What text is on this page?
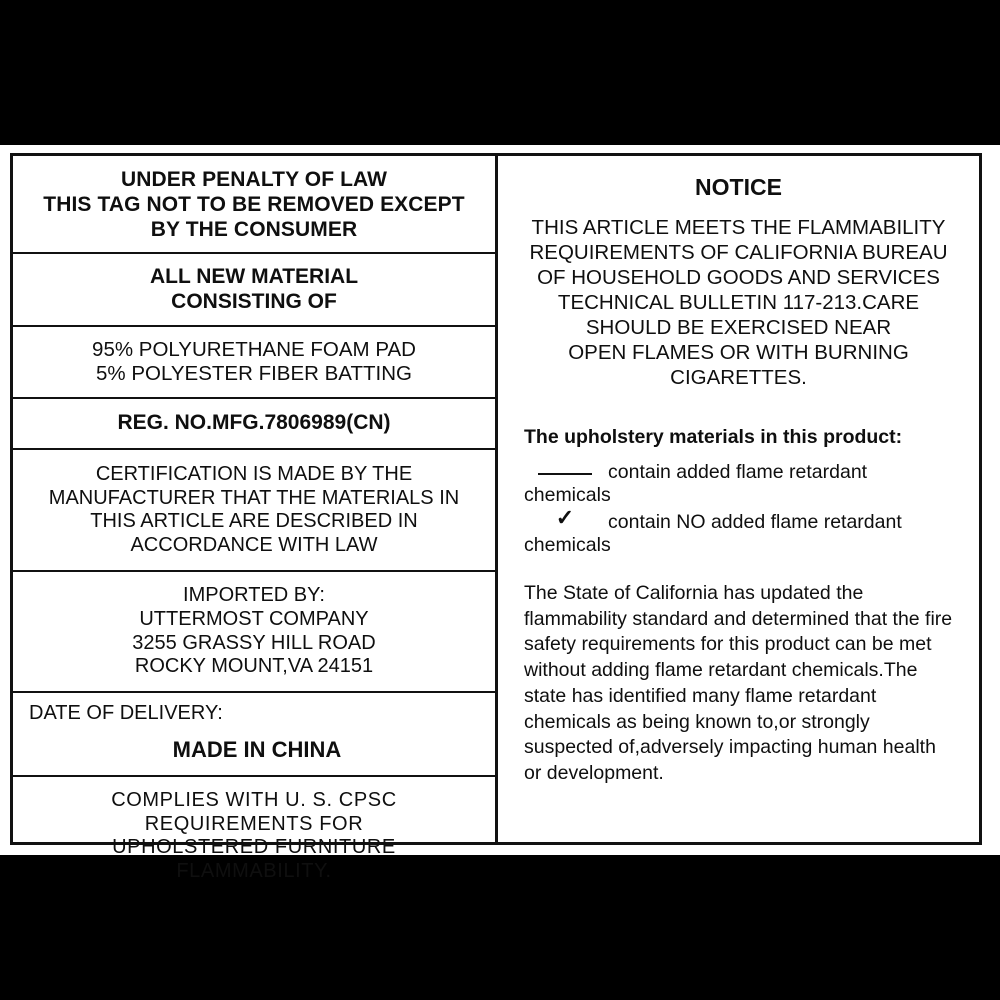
UNDER PENALTY OF LAW
THIS TAG NOT TO BE REMOVED EXCEPT
BY THE CONSUMER
ALL NEW MATERIAL
CONSISTING OF
95% POLYURETHANE FOAM PAD
5% POLYESTER FIBER BATTING
REG. NO.MFG.7806989(CN)
CERTIFICATION IS MADE BY THE
MANUFACTURER THAT THE MATERIALS IN
THIS ARTICLE ARE DESCRIBED IN
ACCORDANCE WITH LAW
IMPORTED BY:
UTTERMOST COMPANY
3255 GRASSY HILL ROAD
ROCKY MOUNT,VA 24151
DATE OF DELIVERY:
MADE IN CHINA
COMPLIES WITH U. S. CPSC
REQUIREMENTS FOR
UPHOLSTERED FURNITURE
FLAMMABILITY.
NOTICE
THIS ARTICLE MEETS THE FLAMMABILITY
REQUIREMENTS OF CALIFORNIA BUREAU
OF HOUSEHOLD GOODS AND SERVICES
TECHNICAL BULLETIN 117-213.CARE
SHOULD BE EXERCISED NEAR
OPEN FLAMES OR WITH BURNING
CIGARETTES.
The upholstery materials in this product:
contain added flame retardant chemicals
✓ contain NO added flame retardant chemicals
The State of California has updated the flammability standard and determined that the fire safety requirements for this product can be met without adding flame retardant chemicals.The state has identified many flame retardant chemicals as being known to,or strongly suspected of,adversely impacting human health or development.
